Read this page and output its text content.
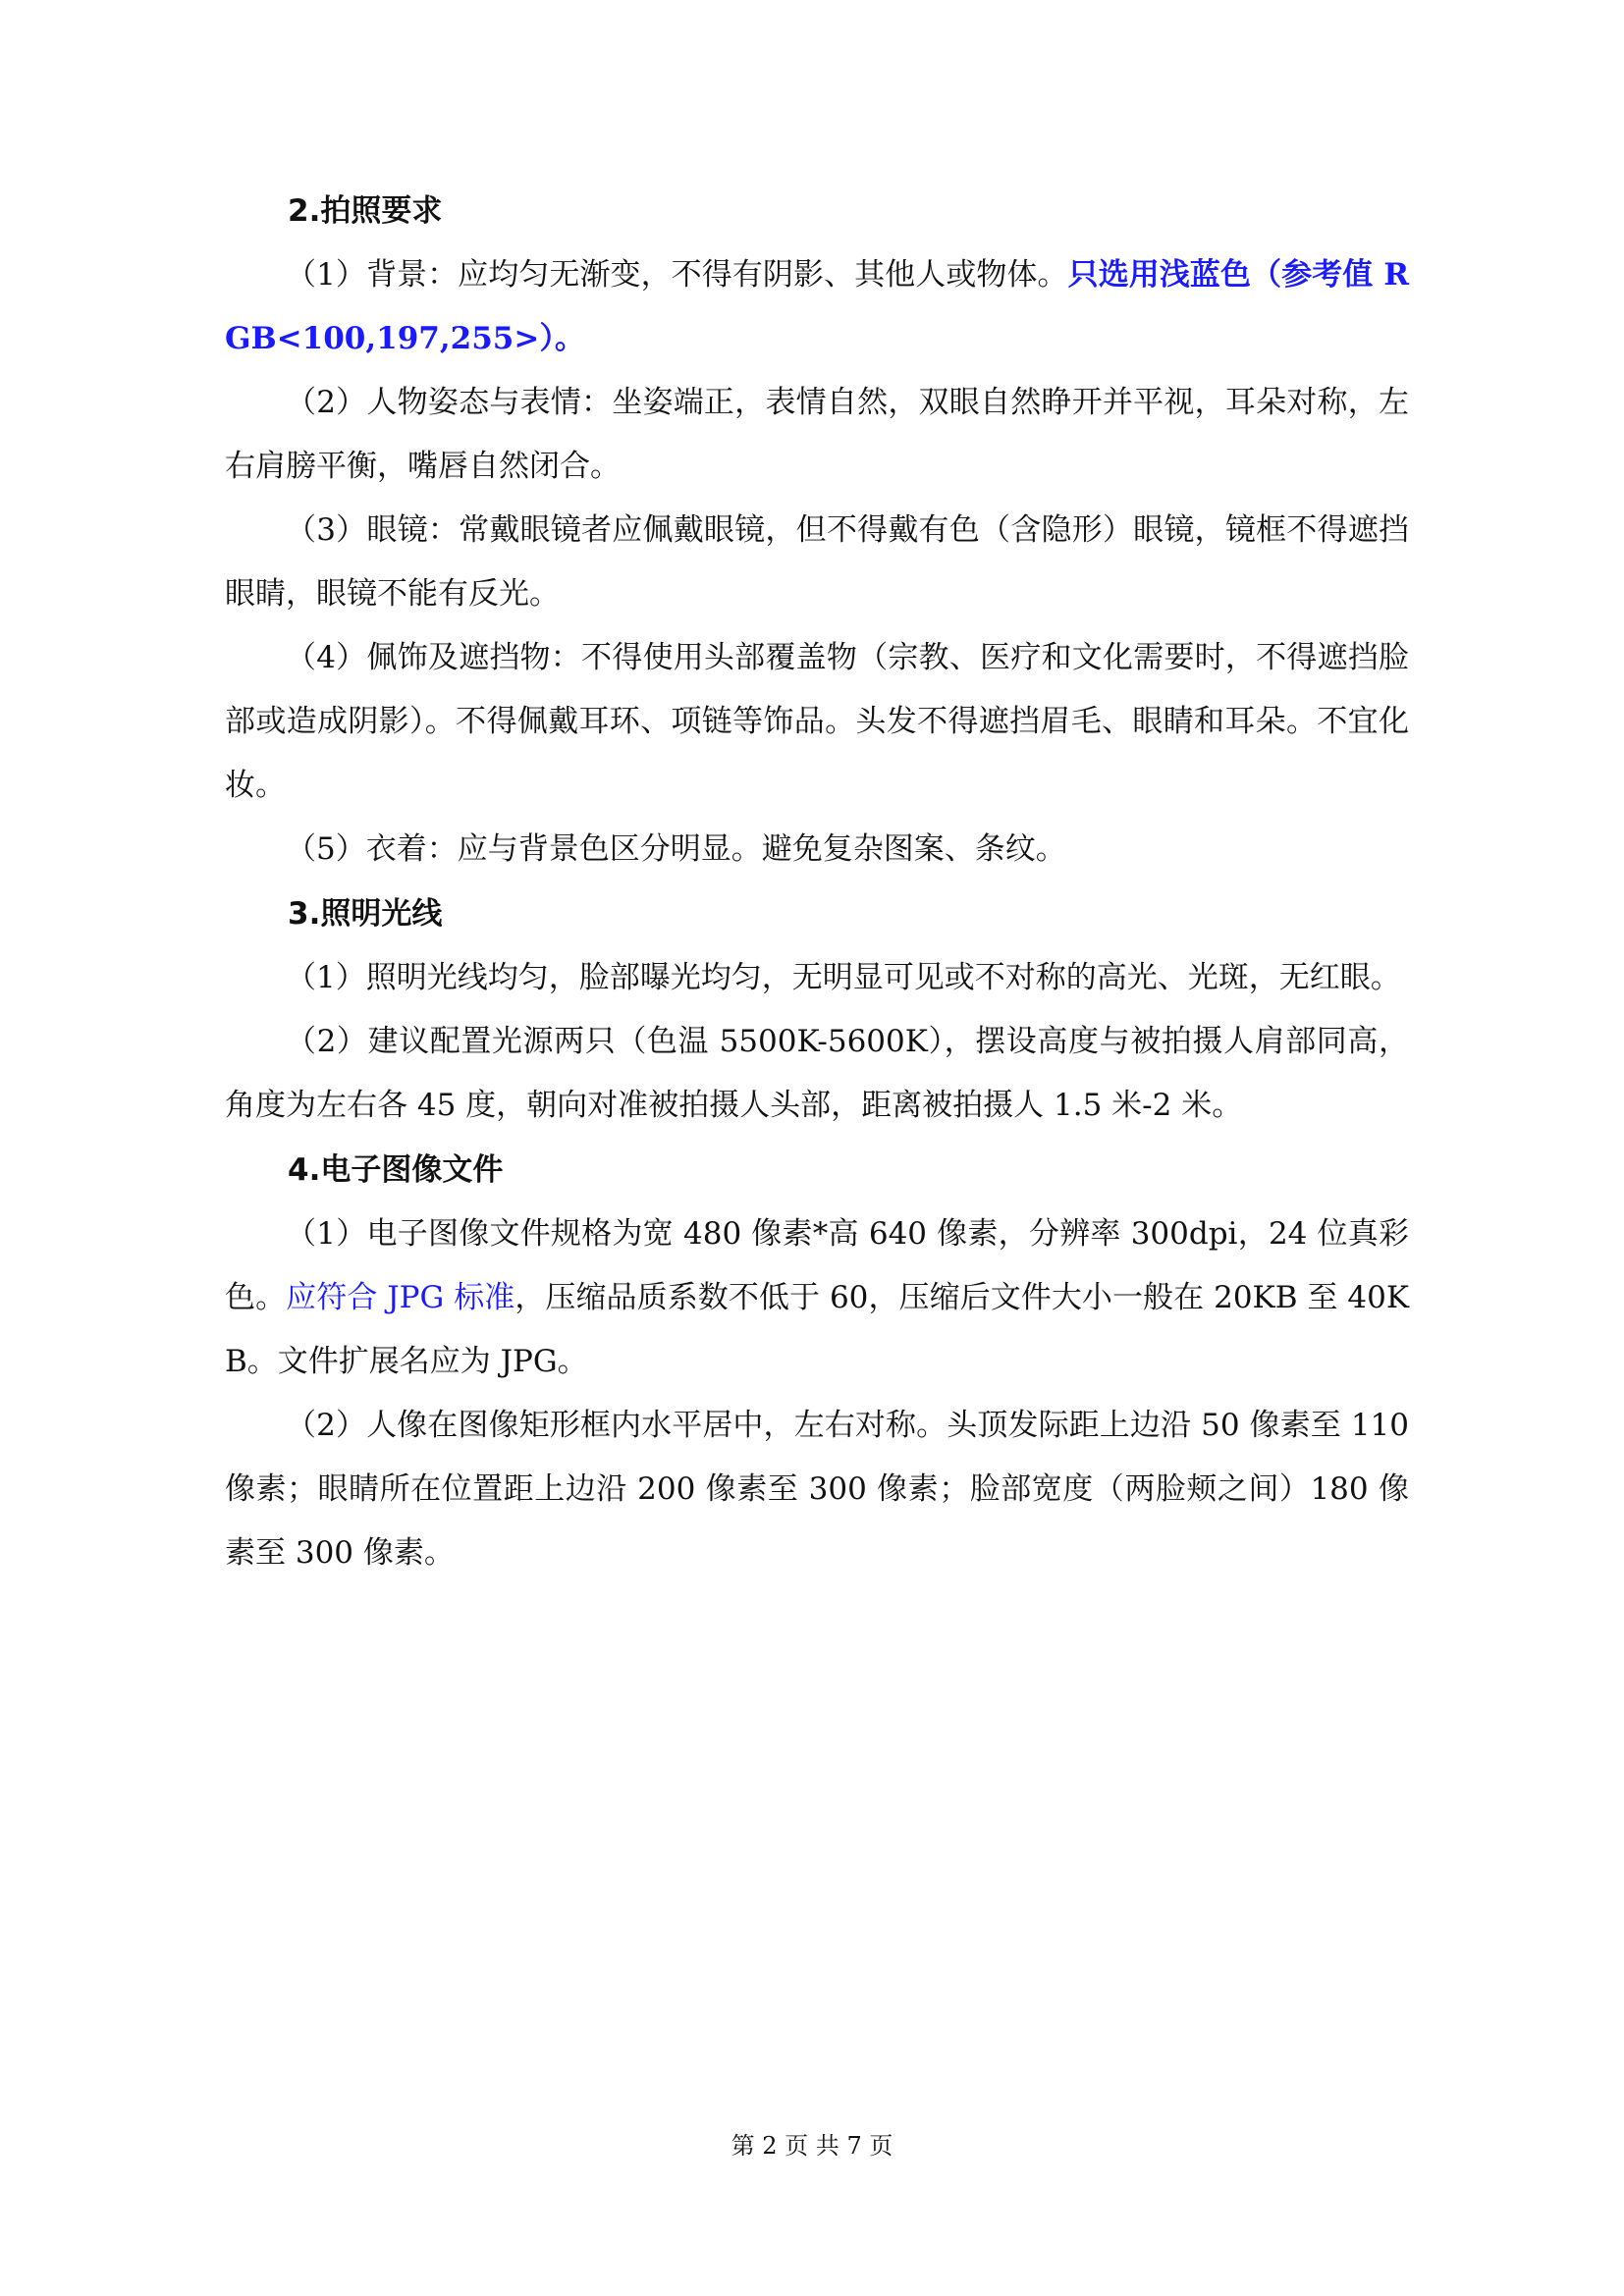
2.拍照要求

（1）背景：应均匀无渐变，不得有阴影、其他人或物体。只选用浅蓝色（参考值 RGB<100,197,255>）。

（2）人物姿态与表情：坐姿端正，表情自然，双眼自然睁开并平视，耳朵对称，左右肩膀平衡，嘴唇自然闭合。

（3）眼镜：常戴眼镜者应佩戴眼镜，但不得戴有色（含隐形）眼镜，镜框不得遮挡眼睛，眼镜不能有反光。

（4）佩饰及遮挡物：不得使用头部覆盖物（宗教、医疗和文化需要时，不得遮挡脸部或造成阴影）。不得佩戴耳环、项链等饰品。头发不得遮挡眉毛、眼睛和耳朵。不宜化妆。

（5）衣着：应与背景色区分明显。避免复杂图案、条纹。

3.照明光线

（1）照明光线均匀，脸部曝光均匀，无明显可见或不对称的高光、光斑，无红眼。

（2）建议配置光源两只（色温 5500K-5600K），摆设高度与被拍摄人肩部同高，角度为左右各 45 度，朝向对准被拍摄人头部，距离被拍摄人 1.5 米-2 米。

4.电子图像文件

（1）电子图像文件规格为宽 480 像素*高 640 像素，分辨率 300dpi，24 位真彩色。应符合 JPG 标准，压缩品质系数不低于 60，压缩后文件大小一般在 20KB 至 40KB。文件扩展名应为 JPG。

（2）人像在图像矩形框内水平居中，左右对称。头顶发际距上边沿 50 像素至 110 像素；眼睛所在位置距上边沿 200 像素至 300 像素；脸部宽度（两脸颊之间）180 像素至 300 像素。

第 2 页 共 7 页
